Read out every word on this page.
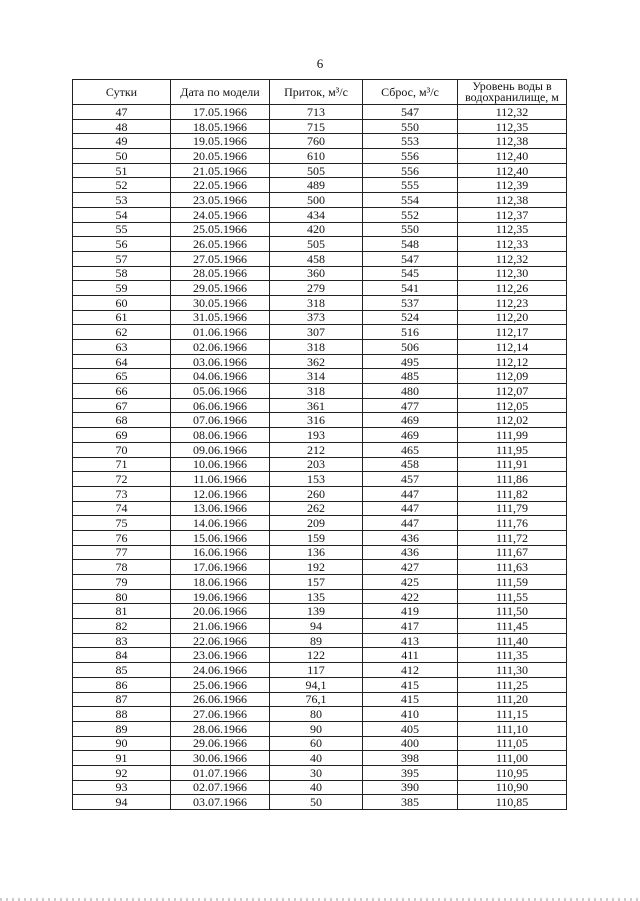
6
Сутки	Дата по модели	Приток, м³/с	Сброс, м³/с	Уровень воды в водохранилище, м
47	17.05.1966	713	547	112,32
48	18.05.1966	715	550	112,35
49	19.05.1966	760	553	112,38
50	20.05.1966	610	556	112,40
51	21.05.1966	505	556	112,40
52	22.05.1966	489	555	112,39
53	23.05.1966	500	554	112,38
54	24.05.1966	434	552	112,37
55	25.05.1966	420	550	112,35
56	26.05.1966	505	548	112,33
57	27.05.1966	458	547	112,32
58	28.05.1966	360	545	112,30
59	29.05.1966	279	541	112,26
60	30.05.1966	318	537	112,23
61	31.05.1966	373	524	112,20
62	01.06.1966	307	516	112,17
63	02.06.1966	318	506	112,14
64	03.06.1966	362	495	112,12
65	04.06.1966	314	485	112,09
66	05.06.1966	318	480	112,07
67	06.06.1966	361	477	112,05
68	07.06.1966	316	469	112,02
69	08.06.1966	193	469	111,99
70	09.06.1966	212	465	111,95
71	10.06.1966	203	458	111,91
72	11.06.1966	153	457	111,86
73	12.06.1966	260	447	111,82
74	13.06.1966	262	447	111,79
75	14.06.1966	209	447	111,76
76	15.06.1966	159	436	111,72
77	16.06.1966	136	436	111,67
78	17.06.1966	192	427	111,63
79	18.06.1966	157	425	111,59
80	19.06.1966	135	422	111,55
81	20.06.1966	139	419	111,50
82	21.06.1966	94	417	111,45
83	22.06.1966	89	413	111,40
84	23.06.1966	122	411	111,35
85	24.06.1966	117	412	111,30
86	25.06.1966	94,1	415	111,25
87	26.06.1966	76,1	415	111,20
88	27.06.1966	80	410	111,15
89	28.06.1966	90	405	111,10
90	29.06.1966	60	400	111,05
91	30.06.1966	40	398	111,00
92	01.07.1966	30	395	110,95
93	02.07.1966	40	390	110,90
94	03.07.1966	50	385	110,85
